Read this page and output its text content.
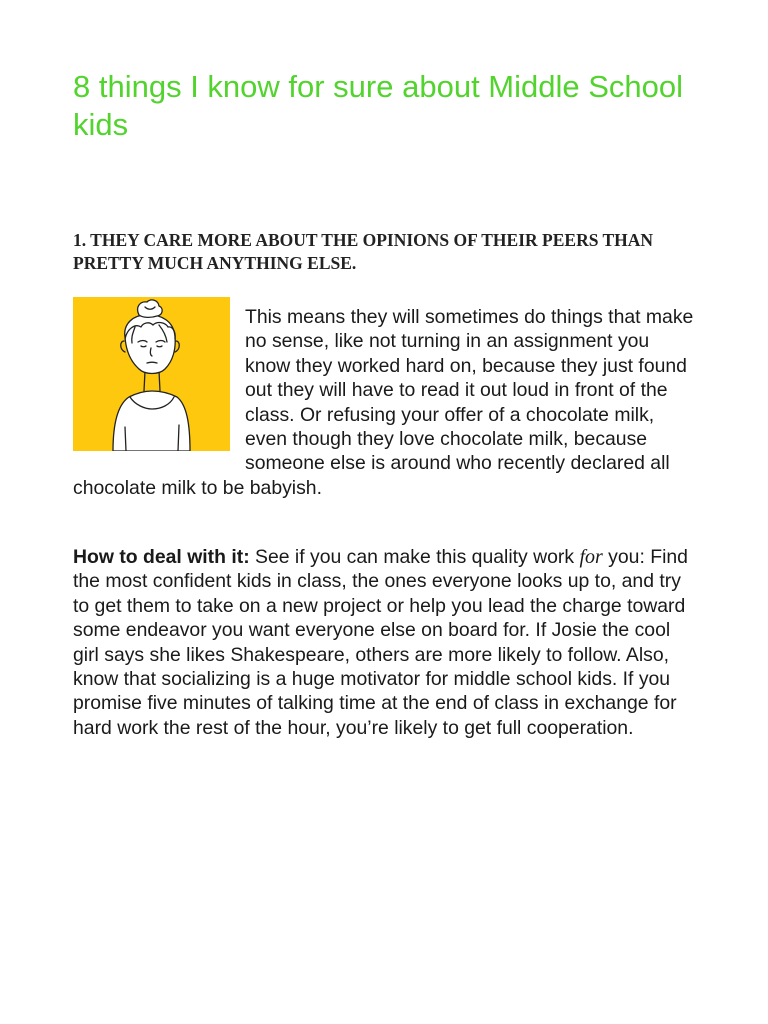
8 things I know for sure about Middle School kids
1. THEY CARE MORE ABOUT THE OPINIONS OF THEIR PEERS THAN PRETTY MUCH ANYTHING ELSE.

This means they will sometimes do things that make no sense, like not turning in an assignment you know they worked hard on, because they just found out they will have to read it out loud in front of the class. Or refusing your offer of a chocolate milk, even though they love chocolate milk, because someone else is around who recently declared all chocolate milk to be babyish.

How to deal with it: See if you can make this quality work for you: Find the most confident kids in class, the ones everyone looks up to, and try to get them to take on a new project or help you lead the charge toward some endeavor you want everyone else on board for. If Josie the cool girl says she likes Shakespeare, others are more likely to follow. Also, know that socializing is a huge motivator for middle school kids. If you promise five minutes of talking time at the end of class in exchange for hard work the rest of the hour, you’re likely to get full cooperation.
